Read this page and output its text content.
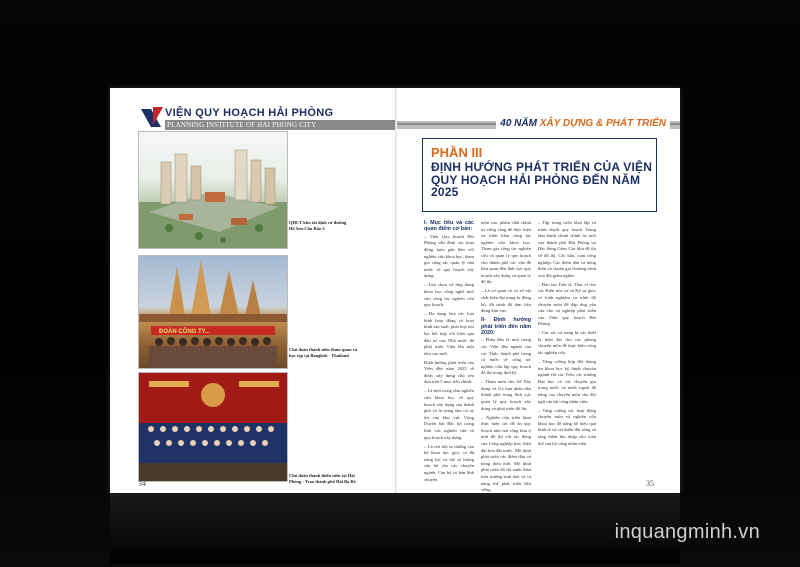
VIỆN QUY HOẠCH HẢI PHÒNG
PLANNING INSTITUTE OF HAI PHONG CITY
QHCT khu tái định cư đường Hồ Sen-Cầu Rào 2
ĐOÀN CÔNG TY...
Chủ đoàn thanh niên tham quan và học tập tại Bangkok - Thailand
Chủ đoàn thanh thiếu niên tại Hải Phòng - Trao thanh phố Hải Ba Bò
34
40 NĂM XÂY DỰNG & PHÁT TRIỂN
PHẦN III
ĐỊNH HƯỚNG PHÁT TRIỂN CỦA VIỆN QUY HOẠCH HẢI PHÒNG ĐẾN NĂM 2025
I- Mục tiêu và các quan điểm cơ bản:

– Viện Quy hoạch Hải Phòng vẫn đinh các hoạt động luôn gắn liền với nghiên cứu khoa học, tham gia công tác quản lý nhà nước về quy hoạch xây dựng.

– Lựa chọn và ứng dụng khoa học công nghệ mới vào công tác nghiên cứu quy hoạch.

– Đa dạng hóa các loại hình hoạt động và hoạt hình sản xuất, phát huy nội lực kết hợp với hiệu quả đầu tư của Nhà nước để phát triển Viện lên một tầm cao mới.

Định hướng phát triển của Viện đến năm 2025 sẽ được xây dựng chủ yếu dựa trên 5 mục tiêu chính:

– Là một trong tâm nghiên cứu khoa học về quy hoạch xây dựng của thành phố và là trung tâm có uy tín của khu vực Vùng Duyên hải Bắc bộ trong lĩnh vực nghiên cứu và quy hoạch xây dựng.

– Là nơi hội tụ những cán bộ khoa học giỏi, có đủ năng lực và thể số lượng cán bộ cho các chuyên ngành. Cán bộ có bản lĩnh chuyên

môn cao, phẩm chất chính trị vững vàng để thực hiện và triển khai công tác nghiên cứu khoa học. Tham gia công tác nghiên cứu và quản lý quy hoạch cho thành phố các vấn đề liên quan đến lĩnh vực quy hoạch xây dựng và quản lý đô thị.

– Là cơ quan có cơ sở vật chất hiện đại trang bị đồng bộ, đủ trình độ tầm tiêu đúng khu vực.

II- Định hướng phát triển đến năm 2020:

– Phấn đấu là một trong các Viện đầu ngành của các Tỉnh, thành phố trong cả nước về công tác nghiên cứu lập quy hoạch đô thị trong thời kỳ.

– Tham mưu cho Sở Xây dựng và Ủy ban nhân dân thành phố trong lĩnh vực quản lý quy hoạch xây dựng và phát triển đô thị.

– Nghiên cứu triển khai thực hiện các đồ án quy hoạch như mở rộng khu ở mới đô thị với tác động của Công nghiệp hóa, hiện đại hóa đất nước. Mô hình phát triển các điểm dân cư nông thôn mới. Mô hình phát triển đô thị xanh thân môi trường sinh thái và cả năng thể phát triển bền vững.

– Tập trung triển khai lập và trình duyệt quy hoạch Trung tâm hành chính chính trị mới của thành phố Hải Phòng tại Bắc Sông Cấm; Các khu đô thị về đô thị. Các khu, cụm công nghiệp; Các điểm dân cư nông thôn và chuẩn gia chương trình xoá đói giảm nghèo.

– Đào tạo Tiến sĩ, Thạc sĩ cho các Kiến trúc sư và Kỹ sư giỏi, có kinh nghiệm và trình độ chuyên môn để đáp ứng yêu cầu cho sự nghiệp phát triển của Viện quy hoạch Hải Phòng.

– Các tác và trang bị các thiết bị hiện đại cho các phòng chuyên môn để thực hiện công tác nghiên cứu.

– Tăng cường hợp đối thông tin khoa học kỹ thuật chuyên ngành với các Viện, các trường Đại học và các chuyên gia trong nước và nước ngoài để nâng cao chuyên môn cho đội ngũ cán bộ công nhân viên.

– Tăng cường các hoạt động chuyên môn và nghiên cứu khoa học để nâng hệ hiệu quả kinh tế và cải thiện đời sống và tăng thêm thu nhập cho toàn thể cán bộ công nhân viên.

35
inquangminh.vn
